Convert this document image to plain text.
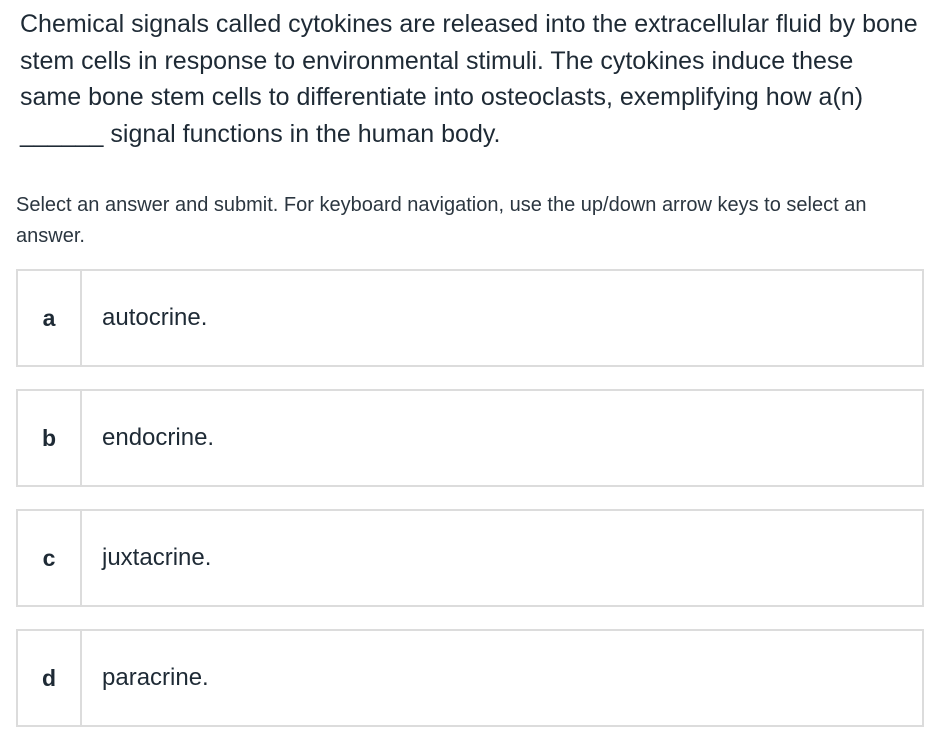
Chemical signals called cytokines are released into the extracellular fluid by bone stem cells in response to environmental stimuli. The cytokines induce these same bone stem cells to differentiate into osteoclasts, exemplifying how a(n) ______ signal functions in the human body.

Select an answer and submit. For keyboard navigation, use the up/down arrow keys to select an answer.

a	autocrine.
b	endocrine.
c	juxtacrine.
d	paracrine.
